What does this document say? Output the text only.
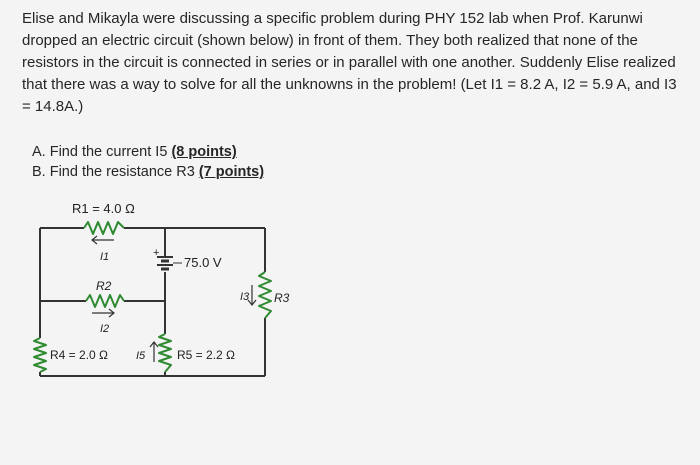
Elise and Mikayla were discussing a specific problem during PHY 152 lab when Prof. Karunwi dropped an electric circuit (shown below) in front of them. They both realized that none of the resistors in the circuit is connected in series or in parallel with one another. Suddenly Elise realized that there was a way to solve for all the unknowns in the problem! (Let I1 = 8.2 A, I2 = 5.9 A, and I3 = 14.8A.)

A. Find the current I5 (8 points)

B. Find the resistance R3 (7 points)

R1 = 4.0 Ω
I1	+
75.0 V
R2
I2
I3 R3
R4 = 2.0 Ω	I5	R5 = 2.2 Ω
